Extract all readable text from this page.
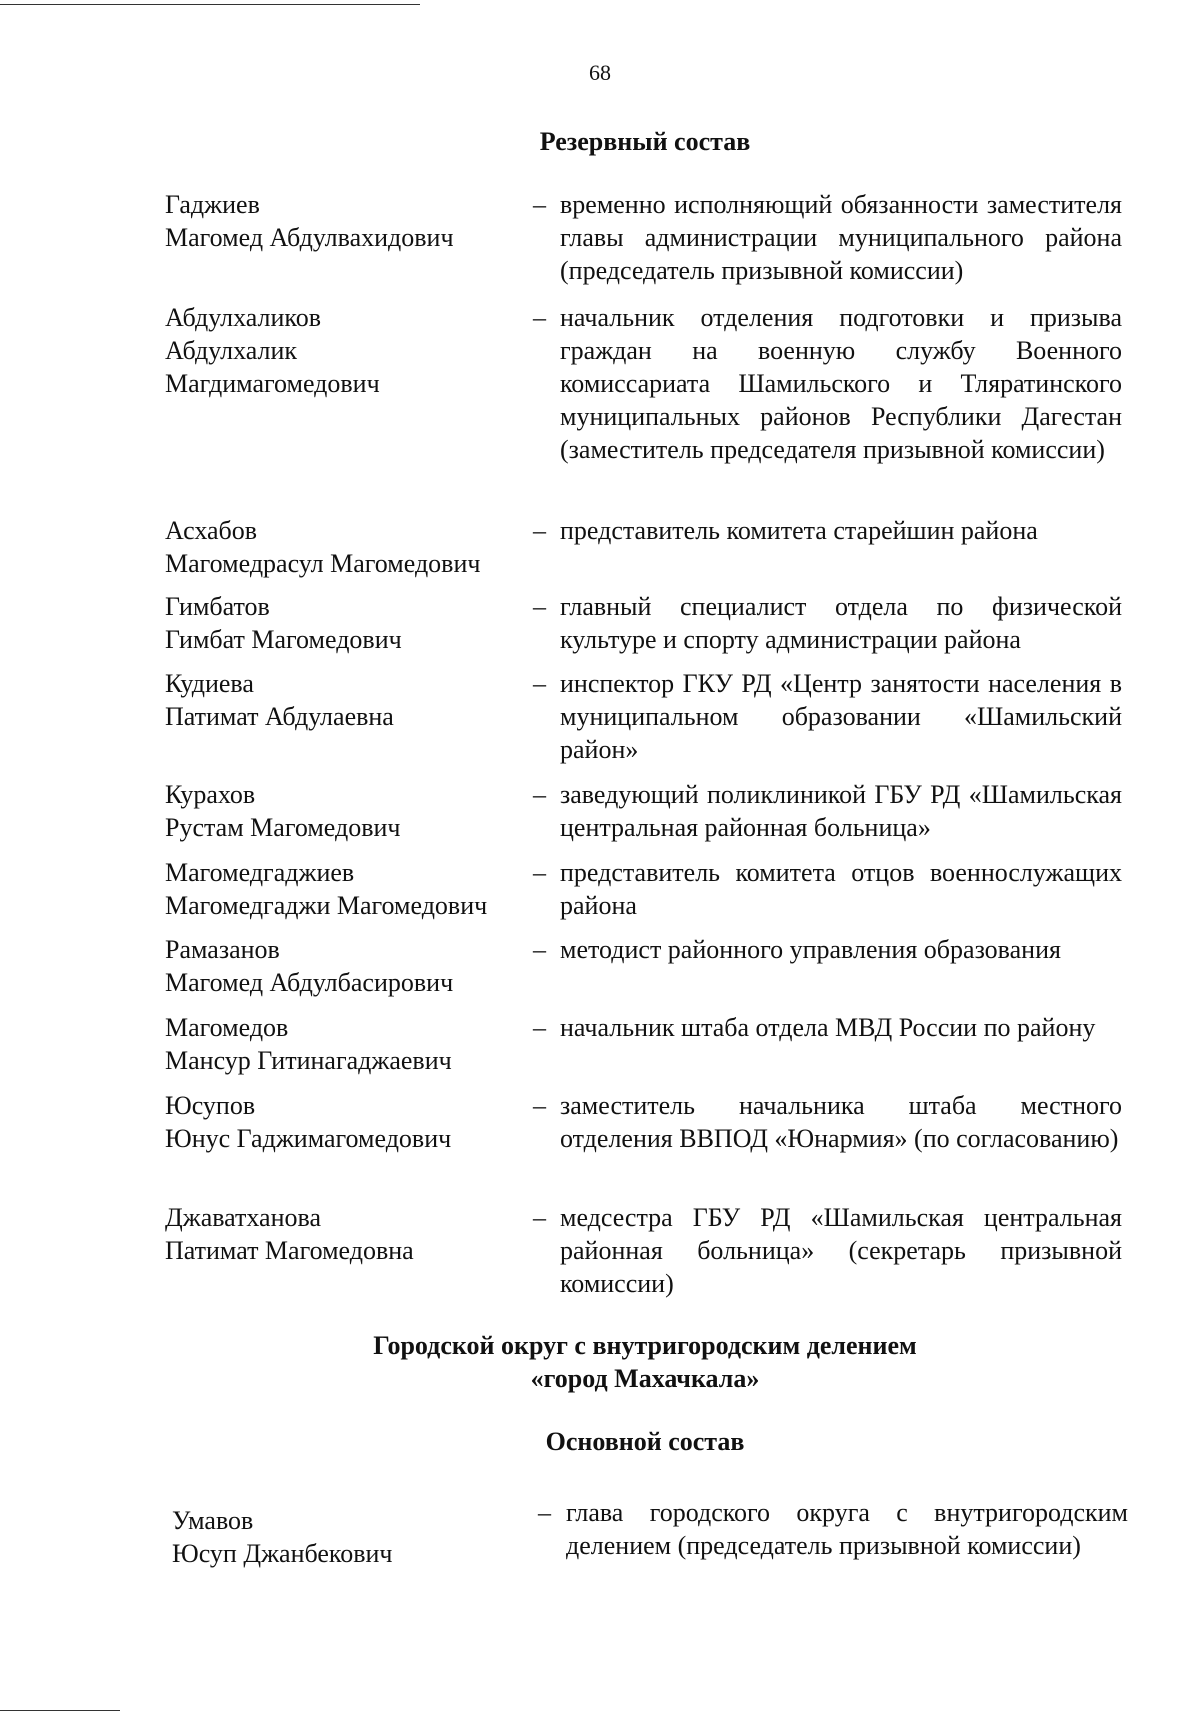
68
Резервный состав
Гаджиев
Магомед Абдулвахидович
– временно исполняющий обязанности заместителя главы администрации муниципального района (председатель призывной комиссии)
Абдулхаликов
Абдулхалик Магдимагомедович
– начальник отделения подготовки и призыва граждан на военную службу Военного комиссариата Шамильского и Тляратинского муниципальных районов Республики Дагестан (заместитель председателя призывной комиссии)
Асхабов
Магомедрасул Магомедович
– представитель комитета старейшин района
Гимбатов
Гимбат Магомедович
– главный специалист отдела по физической культуре и спорту администрации района
Кудиева
Патимат Абдулаевна
– инспектор ГКУ РД «Центр занятости населения в муниципальном образовании «Шамильский район»
Курахов
Рустам Магомедович
– заведующий поликлиникой ГБУ РД «Шамильская центральная районная больница»
Магомедгаджиев
Магомедгаджи Магомедович
– представитель комитета отцов военнослужащих района
Рамазанов
Магомед Абдулбасирович
– методист районного управления образования
Магомедов
Мансур Гитинагаджаевич
– начальник штаба отдела МВД России по району
Юсупов
Юнус Гаджимагомедович
– заместитель начальника штаба местного отделения ВВПОД «Юнармия» (по согласованию)
Джаватханова
Патимат Магомедовна
– медсестра ГБУ РД «Шамильская центральная районная больница» (секретарь призывной комиссии)
Городской округ с внутригородским делением
«город Махачкала»
Основной состав
Умавов
Юсуп Джанбекович
– глава городского округа с внутригородским делением (председатель призывной комиссии)
